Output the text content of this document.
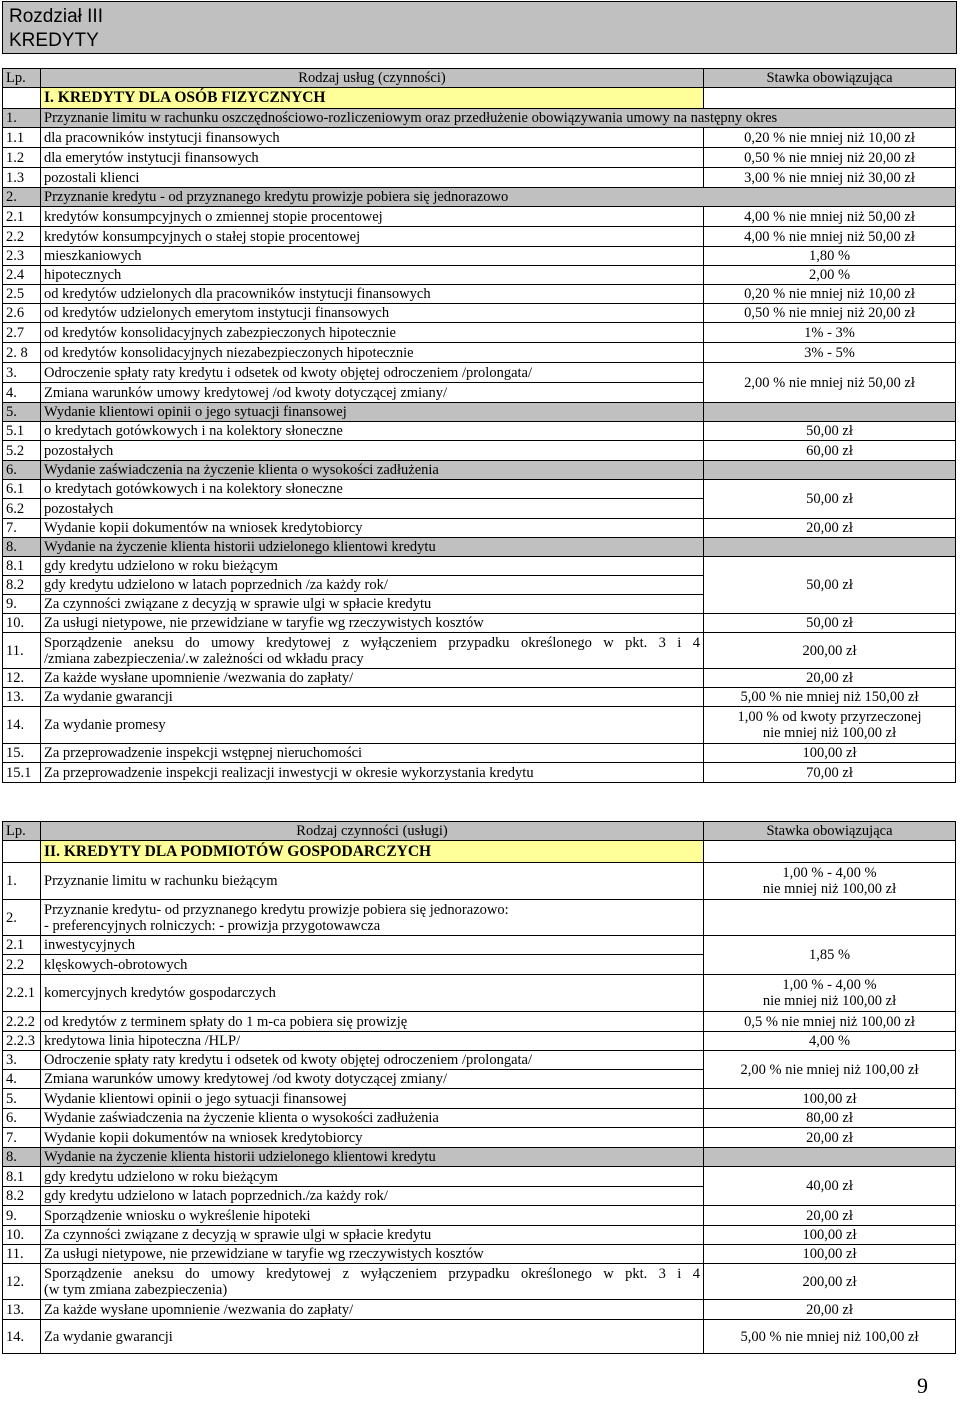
Rozdział III
KREDYTY
Lp.	Rodzaj usług (czynności)	Stawka obowiązująca
	I. KREDYTY DLA OSÓB FIZYCZNYCH	
1.	Przyznanie limitu w rachunku oszczędnościowo-rozliczeniowym oraz przedłużenie obowiązywania umowy na następny okres	
1.1	dla pracowników instytucji finansowych	0,20 % nie mniej niż 10,00 zł
1.2	dla emerytów instytucji finansowych	0,50 % nie mniej niż 20,00 zł
1.3	pozostali klienci	3,00 % nie mniej niż 30,00 zł
2.	Przyznanie kredytu - od przyznanego kredytu prowizje pobiera się jednorazowo	
2.1	kredytów konsumpcyjnych o zmiennej stopie procentowej	4,00 % nie mniej niż 50,00 zł
2.2	kredytów konsumpcyjnych o stałej stopie procentowej	4,00 % nie mniej niż 50,00 zł
2.3	mieszkaniowych	1,80 %
2.4	hipotecznych	2,00 %
2.5	od kredytów udzielonych dla pracowników instytucji finansowych	0,20 % nie mniej niż 10,00 zł
2.6	od kredytów udzielonych emerytom instytucji finansowych	0,50 % nie mniej niż 20,00 zł
2.7	od kredytów konsolidacyjnych zabezpieczonych hipotecznie	1% - 3%
2. 8	od kredytów konsolidacyjnych niezabezpieczonych hipotecznie	3% - 5%
3.	Odroczenie spłaty raty kredytu i odsetek od kwoty objętej odroczeniem /prolongata/	2,00 % nie mniej niż 50,00 zł
4.	Zmiana warunków umowy kredytowej /od kwoty dotyczącej zmiany/	
5.	Wydanie klientowi opinii o jego sytuacji finansowej	
5.1	o kredytach gotówkowych i na kolektory słoneczne	50,00 zł
5.2	pozostałych	60,00 zł
6.	Wydanie zaświadczenia na życzenie klienta o wysokości zadłużenia	
6.1	o kredytach gotówkowych i na kolektory słoneczne	50,00 zł
6.2	pozostałych	
7.	Wydanie kopii dokumentów na wniosek kredytobiorcy	20,00 zł
8.	Wydanie na życzenie klienta historii udzielonego klientowi kredytu	
8.1	gdy kredytu udzielono w roku bieżącym	50,00 zł
8.2	gdy kredytu udzielono w latach poprzednich /za każdy rok/	
9.	Za czynności związane z decyzją w sprawie ulgi w spłacie kredytu	
10.	Za usługi nietypowe, nie przewidziane w taryfie wg rzeczywistych kosztów	50,00 zł
11.	Sporządzenie aneksu do umowy kredytowej z wyłączeniem przypadku określonego w pkt. 3 i 4
/zmiana zabezpieczenia/.w zależności od wkładu pracy	200,00 zł
12.	Za każde wysłane upomnienie /wezwania do zapłaty/	20,00 zł
13.	Za wydanie gwarancji	5,00 % nie mniej niż 150,00 zł
14.	Za wydanie promesy	1,00 % od kwoty przyrzeczonej
nie mniej niż 100,00 zł

15.	Za przeprowadzenie inspekcji wstępnej nieruchomości	100,00 zł
15.1	Za przeprowadzenie inspekcji realizacji inwestycji w okresie wykorzystania kredytu	70,00 zł
Lp.	Rodzaj czynności (usługi)	Stawka obowiązująca
	II. KREDYTY DLA PODMIOTÓW GOSPODARCZYCH	
1.	Przyznanie limitu w rachunku bieżącym	1,00 % - 4,00 %
nie mniej niż 100,00 zł

2.	Przyznanie kredytu- od przyznanego kredytu prowizje pobiera się jednorazowo:
- preferencyjnych rolniczych: - prowizja przygotowawcza	

2.1	inwestycyjnych	1,85 %
2.2	klęskowych-obrotowych	
2.2.1	komercyjnych kredytów gospodarczych	1,00 % - 4,00 %
nie mniej niż 100,00 zł

2.2.2	od kredytów z terminem spłaty do 1 m-ca pobiera się prowizję	0,5 % nie mniej niż 100,00 zł
2.2.3	kredytowa linia hipoteczna /HLP/	4,00 %
3.	Odroczenie spłaty raty kredytu i odsetek od kwoty objętej odroczeniem /prolongata/	2,00 % nie mniej niż 100,00 zł
4.	Zmiana warunków umowy kredytowej /od kwoty dotyczącej zmiany/	
5.	Wydanie klientowi opinii o jego sytuacji finansowej	100,00 zł
6.	Wydanie zaświadczenia na życzenie klienta o wysokości zadłużenia	80,00 zł
7.	Wydanie kopii dokumentów na wniosek kredytobiorcy	20,00 zł
8.	Wydanie na życzenie klienta historii udzielonego klientowi kredytu	
8.1	gdy kredytu udzielono w roku bieżącym	40,00 zł
8.2	gdy kredytu udzielono w latach poprzednich./za każdy rok/	
9.	Sporządzenie wniosku o wykreślenie hipoteki	20,00 zł
10.	Za czynności związane z decyzją w sprawie ulgi w spłacie kredytu	100,00 zł
11.	Za usługi nietypowe, nie przewidziane w taryfie wg rzeczywistych kosztów	100,00 zł
12.	Sporządzenie aneksu do umowy kredytowej z wyłączeniem przypadku określonego w pkt. 3 i 4
(w tym zmiana zabezpieczenia)	200,00 zł
13.	Za każde wysłane upomnienie /wezwania do zapłaty/	20,00 zł
14.	Za wydanie gwarancji	5,00 % nie mniej niż 100,00 zł
9
